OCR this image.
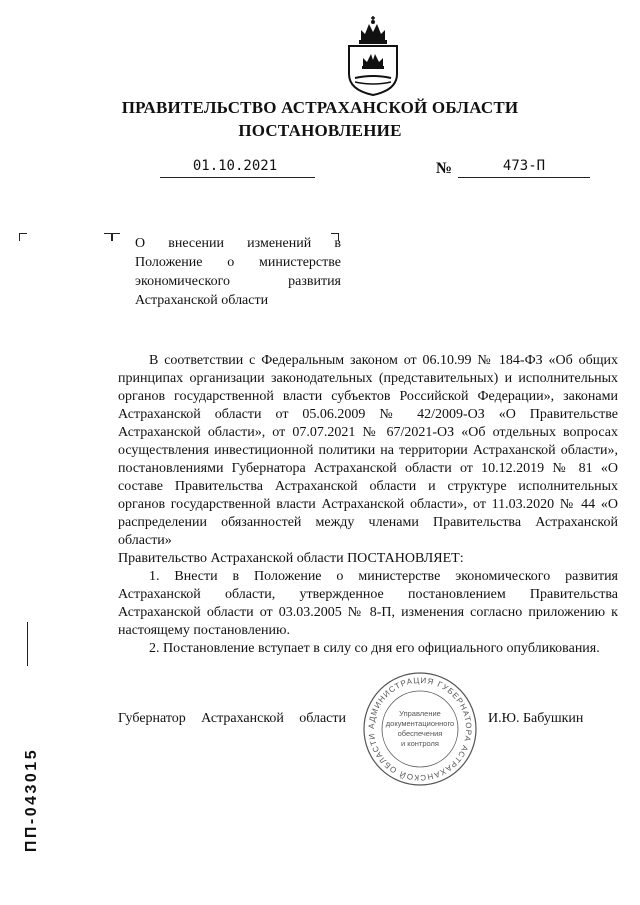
ПРАВИТЕЛЬСТВО АСТРАХАНСКОЙ ОБЛАСТИ
ПОСТАНОВЛЕНИЕ
01.10.2021	№	473-П
О внесении изменений в Положение о министерстве экономического развития Астраханской области

В соответствии с Федеральным законом от 06.10.99 № 184-ФЗ «Об общих принципах организации законодательных (представительных) и исполнительных органов государственной власти субъектов Российской Федерации», законами Астраханской области от 05.06.2009 № 42/2009-ОЗ «О Правительстве Астраханской области», от 07.07.2021 № 67/2021-ОЗ «Об отдельных вопросах осуществления инвестиционной политики на территории Астраханской области», постановлениями Губернатора Астраханской области от 10.12.2019 № 81 «О составе Правительства Астраханской области и структуре исполнительных органов государственной власти Астраханской области», от 11.03.2020 № 44 «О распределении обязанностей между членами Правительства Астраханской области»

Правительство Астраханской области ПОСТАНОВЛЯЕТ:

1. Внести в Положение о министерстве экономического развития Астраханской области, утвержденное постановлением Правительства Астраханской области от 03.03.2005 № 8-П, изменения согласно приложению к настоящему постановлению.

2. Постановление вступает в силу со дня его официального опубликования.

Губернатор Астраханской области	И.Ю. Бабушкин
АДМИНИСТРАЦИЯ ГУБЕРНАТОРА АСТРАХАНСКОЙ ОБЛАСТИ
Управление
документационного
обеспечения
и контроля
ПП-043015
